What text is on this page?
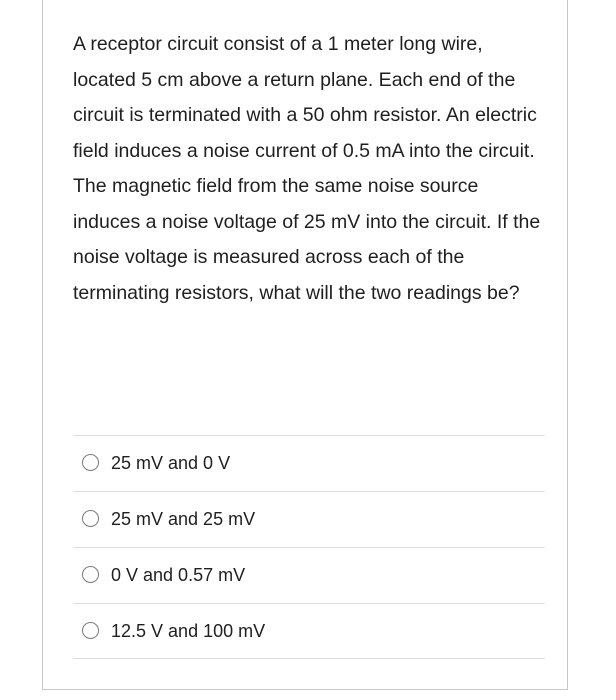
A receptor circuit consist of a 1 meter long wire, located 5 cm above a return plane. Each end of the circuit is terminated with a 50 ohm resistor. An electric field induces a noise current of 0.5 mA into the circuit. The magnetic field from the same noise source induces a noise voltage of 25 mV into the circuit. If the noise voltage is measured across each of the terminating resistors, what will the two readings be?

25 mV and 0 V
25 mV and 25 mV
0 V and 0.57 mV
12.5 V and 100 mV
